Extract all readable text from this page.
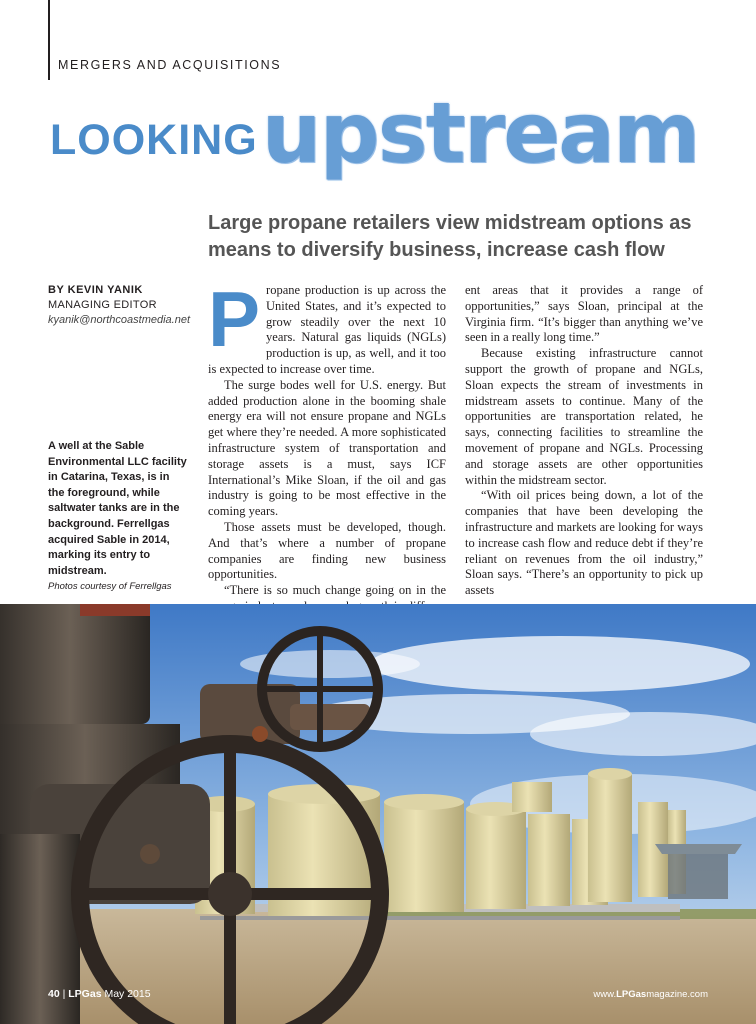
MERGERS AND ACQUISITIONS

LOOKINGupstream
Large propane retailers view midstream options as means to diversify business, increase cash flow
BY KEVIN YANIK
MANAGING EDITOR
kyanik@northcoastmedia.net

A well at the Sable Environmental LLC facility in Catarina, Texas, is in the foreground, while saltwater tanks are in the background. Ferrellgas acquired Sable in 2014, marking its entry to midstream.

Photos courtesy of Ferrellgas

Propane production is up across the United States, and it’s expected to grow steadily over the next 10 years. Natural gas liquids (NGLs) production is up, as well, and it too is expected to increase over time.

The surge bodes well for U.S. energy. But added production alone in the booming shale energy era will not ensure propane and NGLs get where they’re needed. A more sophisticated infrastructure system of transportation and storage assets is a must, says ICF International’s Mike Sloan, if the oil and gas industry is going to be most effective in the coming years.

Those assets must be developed, though. And that’s where a number of propane companies are finding new business opportunities.

“There is so much change going on in the

ent areas that it provides a range of opportunities,” says Sloan, principal at the Virginia firm. “It’s bigger than anything we’ve seen in a really long time.”

Because existing infrastructure cannot support the growth of propane and NGLs, Sloan expects the stream of investments in midstream assets to continue. Many of the opportunities are transportation related, he says, connecting facilities to streamline the movement of propane and NGLs. Processing and storage assets are other opportunities within the midstream sector.

“With oil prices being down, a lot of the companies that have been developing the infrastructure and markets are looking for ways to increase cash flow and reduce debt if they’re reliant on revenues from the oil industry,” Sloan says. “There’s an opportunity to pick up assets

40 | LPGas May 2015	www.LPGasmagazine.com
